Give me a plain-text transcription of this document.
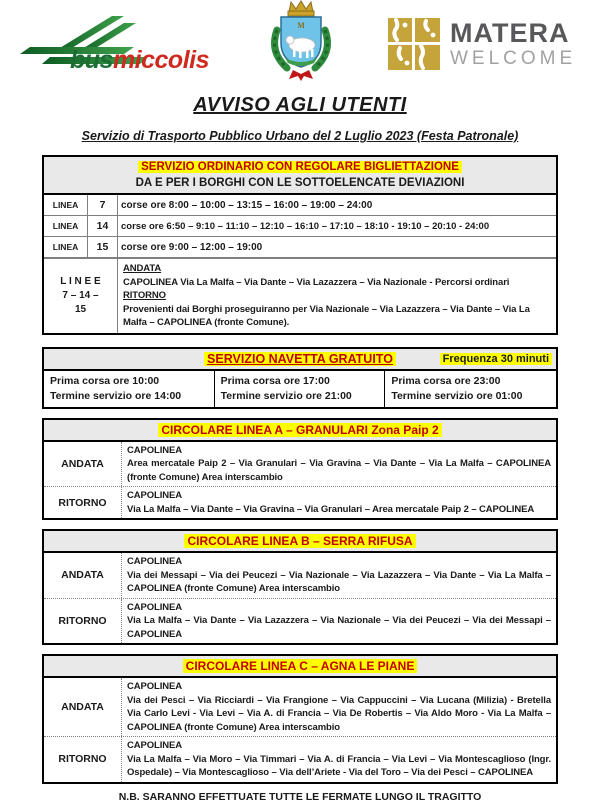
busmiccolis
M	MATERA
WELCOME
AVVISO AGLI UTENTI
Servizio di Trasporto Pubblico Urbano del 2 Luglio 2023 (Festa Patronale)
SERVIZIO ORDINARIO CON REGOLARE BIGLIETTAZIONE
DA E PER I BORGHI CON LE SOTTOELENCATE DEVIAZIONI
LINEA	7	corse ore 8:00 – 10:00 – 13:15 – 16:00 – 19:00 – 24:00
LINEA	14	corse ore 6:50 – 9:10 – 11:10 – 12:10 – 16:10 – 17:10 – 18:10 - 19:10 – 20:10 - 24:00
LINEA	15	corse ore 9:00 – 12:00 – 19:00
L I N E E
7 – 14 –
15
ANDATA
CAPOLINEA Via La Malfa – Via Dante – Via Lazazzera – Via Nazionale - Percorsi ordinari
RITORNO
Provenienti dai Borghi proseguiranno per Via Nazionale – Via Lazazzera – Via Dante – Via La Malfa – CAPOLINEA (fronte Comune).
SERVIZIO NAVETTA GRATUITO	Frequenza 30 minuti
Prima corsa ore 10:00
Termine servizio ore 14:00
Prima corsa ore 17:00
Termine servizio ore 21:00
Prima corsa ore 23:00
Termine servizio ore 01:00
CIRCOLARE LINEA A – GRANULARI Zona Paip 2
ANDATA
CAPOLINEA
Area mercatale Paip 2 – Via Granulari – Via Gravina – Via Dante – Via La Malfa – CAPOLINEA (fronte Comune) Area interscambio
RITORNO
CAPOLINEA
Via La Malfa – Via Dante – Via Gravina – Via Granulari – Area mercatale Paip 2 – CAPOLINEA
CIRCOLARE LINEA B – SERRA RIFUSA
ANDATA
CAPOLINEA
Via dei Messapi – Via dei Peucezi – Via Nazionale – Via Lazazzera – Via Dante – Via La Malfa – CAPOLINEA (fronte Comune) Area interscambio
RITORNO
CAPOLINEA
Via La Malfa – Via Dante – Via Lazazzera – Via Nazionale – Via dei Peucezi – Via dei Messapi – CAPOLINEA
CIRCOLARE LINEA C – AGNA LE PIANE
ANDATA
CAPOLINEA
Via dei Pesci – Via Ricciardi – Via Frangione – Via Cappuccini – Via Lucana (Milizia) - Bretella Via Carlo Levi - Via Levi – Via A. di Francia – Via De Robertis – Via Aldo Moro - Via La Malfa – CAPOLINEA (fronte Comune) Area interscambio
RITORNO
CAPOLINEA
Via La Malfa – Via Moro – Via Timmari – Via A. di Francia – Via Levi – Via Montescaglioso (Ingr. Ospedale) – Via Montescaglioso – Via dell’Ariete - Via del Toro – Via dei Pesci – CAPOLINEA
N.B. SARANNO EFFETTUATE TUTTE LE FERMATE LUNGO IL TRAGITTO
